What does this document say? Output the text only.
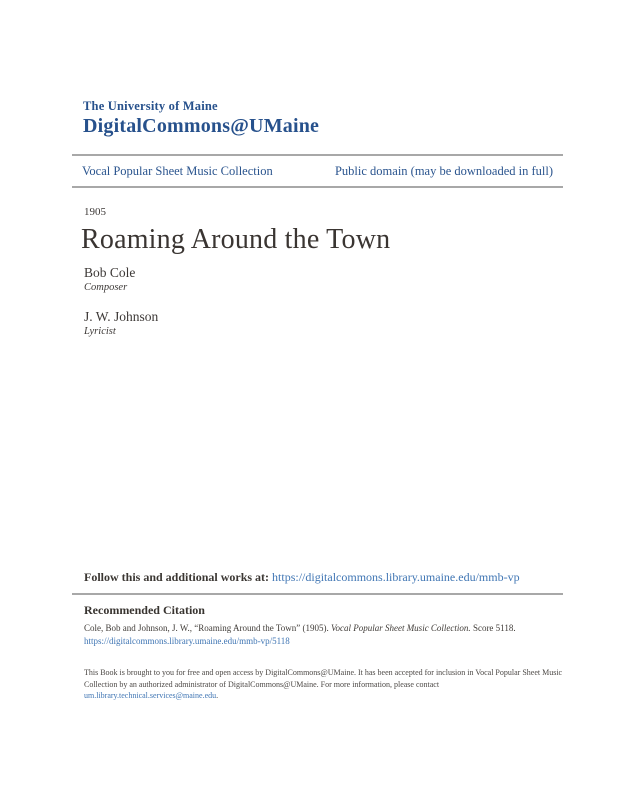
The University of Maine
DigitalCommons@UMaine
Vocal Popular Sheet Music Collection	Public domain (may be downloaded in full)
1905
Roaming Around the Town
Bob Cole
Composer
J. W. Johnson
Lyricist
Follow this and additional works at: https://digitalcommons.library.umaine.edu/mmb-vp
Recommended Citation

Cole, Bob and Johnson, J. W., “Roaming Around the Town” (1905). Vocal Popular Sheet Music Collection. Score 5118.

https://digitalcommons.library.umaine.edu/mmb-vp/5118
This Book is brought to you for free and open access by DigitalCommons@UMaine. It has been accepted for inclusion in Vocal Popular Sheet Music
Collection by an authorized administrator of DigitalCommons@UMaine. For more information, please contact
um.library.technical.services@maine.edu.
